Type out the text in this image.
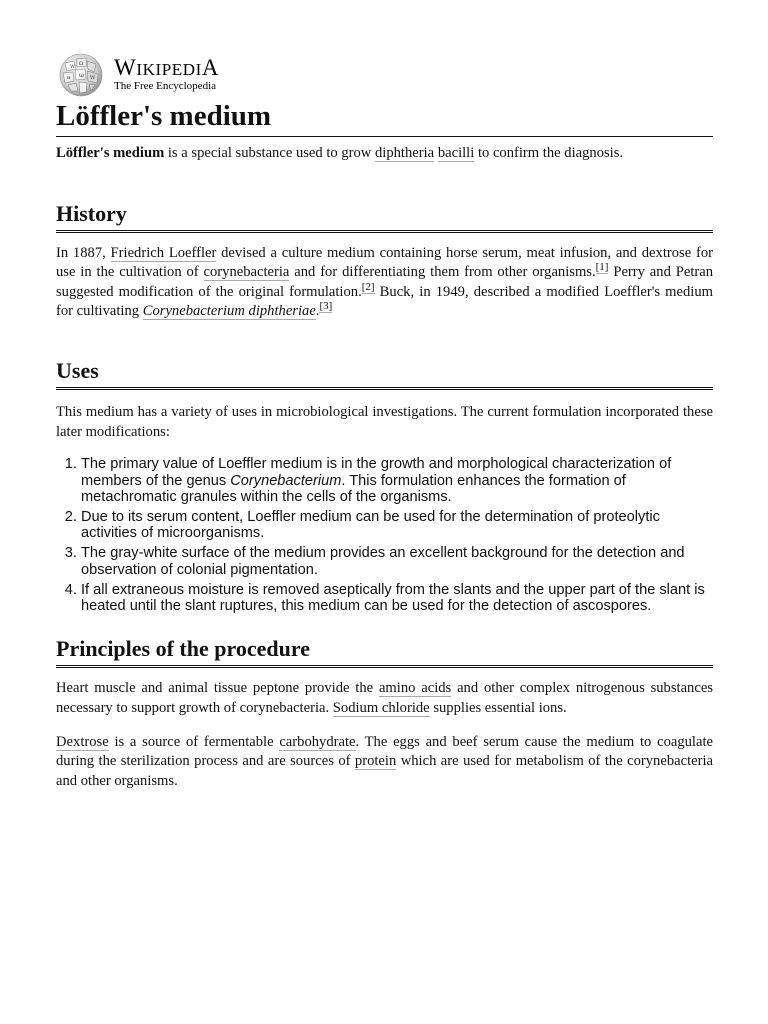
W Ω
ω
и	W WIKIPEDIA
The Free Encyclopedia
Löffler's medium

Löffler's medium is a special substance used to grow diphtheria bacilli to confirm the diagnosis.

History

In 1887, Friedrich Loeffler devised a culture medium containing horse serum, meat infusion, and dextrose for use in the cultivation of corynebacteria and for differentiating them from other organisms.[1] Perry and Petran suggested modification of the original formulation.[2] Buck, in 1949, described a modified Loeffler's medium for cultivating Corynebacterium diphtheriae.[3]

Uses

This medium has a variety of uses in microbiological investigations. The current formulation incorporated these later modifications:

1. The primary value of Loeffler medium is in the growth and morphological characterization of members of the genus Corynebacterium. This formulation enhances the formation of metachromatic granules within the cells of the organisms.
2. Due to its serum content, Loeffler medium can be used for the determination of proteolytic activities of microorganisms.
3. The gray-white surface of the medium provides an excellent background for the detection and observation of colonial pigmentation.
4. If all extraneous moisture is removed aseptically from the slants and the upper part of the slant is heated until the slant ruptures, this medium can be used for the detection of ascospores.
Principles of the procedure

Heart muscle and animal tissue peptone provide the amino acids and other complex nitrogenous substances necessary to support growth of corynebacteria. Sodium chloride supplies essential ions.

Dextrose is a source of fermentable carbohydrate. The eggs and beef serum cause the medium to coagulate during the sterilization process and are sources of protein which are used for metabolism of the corynebacteria and other organisms.
